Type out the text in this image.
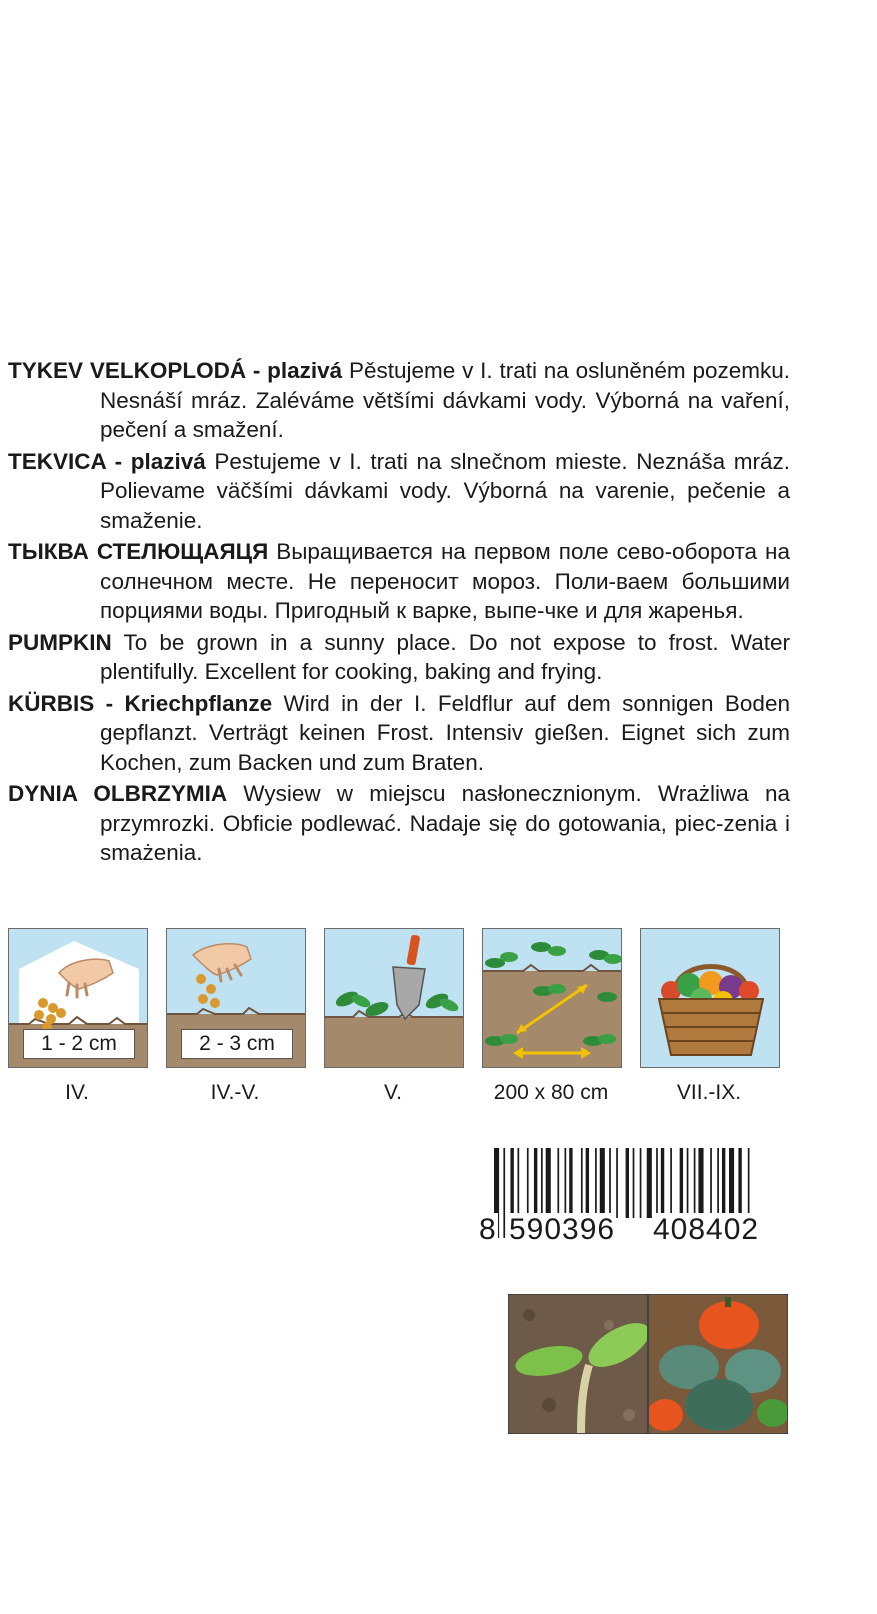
TYKEV VELKOPLODÁ - plazivá Pěstujeme v I. trati na osluněném pozemku. Nesnáší mráz. Zaléváme většími dávkami vody. Výborná na vaření, pečení a smažení.

TEKVICA - plazivá Pestujeme v I. trati na slnečnom mieste. Neznáša mráz. Polievame väčšími dávkami vody. Výborná na varenie, pečenie a smaženie.

ТЫКВА СТЕЛЮЩАЯЦЯ Выращивается на первом поле сево-оборота на солнечном месте. Не переносит мороз. Поли-ваем большими порциями воды. Пригодный к варке, выпе-чке и для жаренья.

PUMPKIN To be grown in a sunny place. Do not expose to frost. Water plentifully. Excellent for cooking, baking and frying.

KÜRBIS - Kriechpflanze Wird in der I. Feldflur auf dem sonnigen Boden gepflanzt. Verträgt keinen Frost. Intensiv gießen. Eignet sich zum Kochen, zum Backen und zum Braten.

DYNIA OLBRZYMIA Wysiew w miejscu nasłonecznionym. Wrażliwa na przymrozki. Obficie podlewać. Nadaje się do gotowania, piec-zenia i smażenia.

1 - 2 cm	2 - 3 cm
IV.	IV.-V.	V.	200 x 80 cm	VII.-IX.
8 590396 408402
